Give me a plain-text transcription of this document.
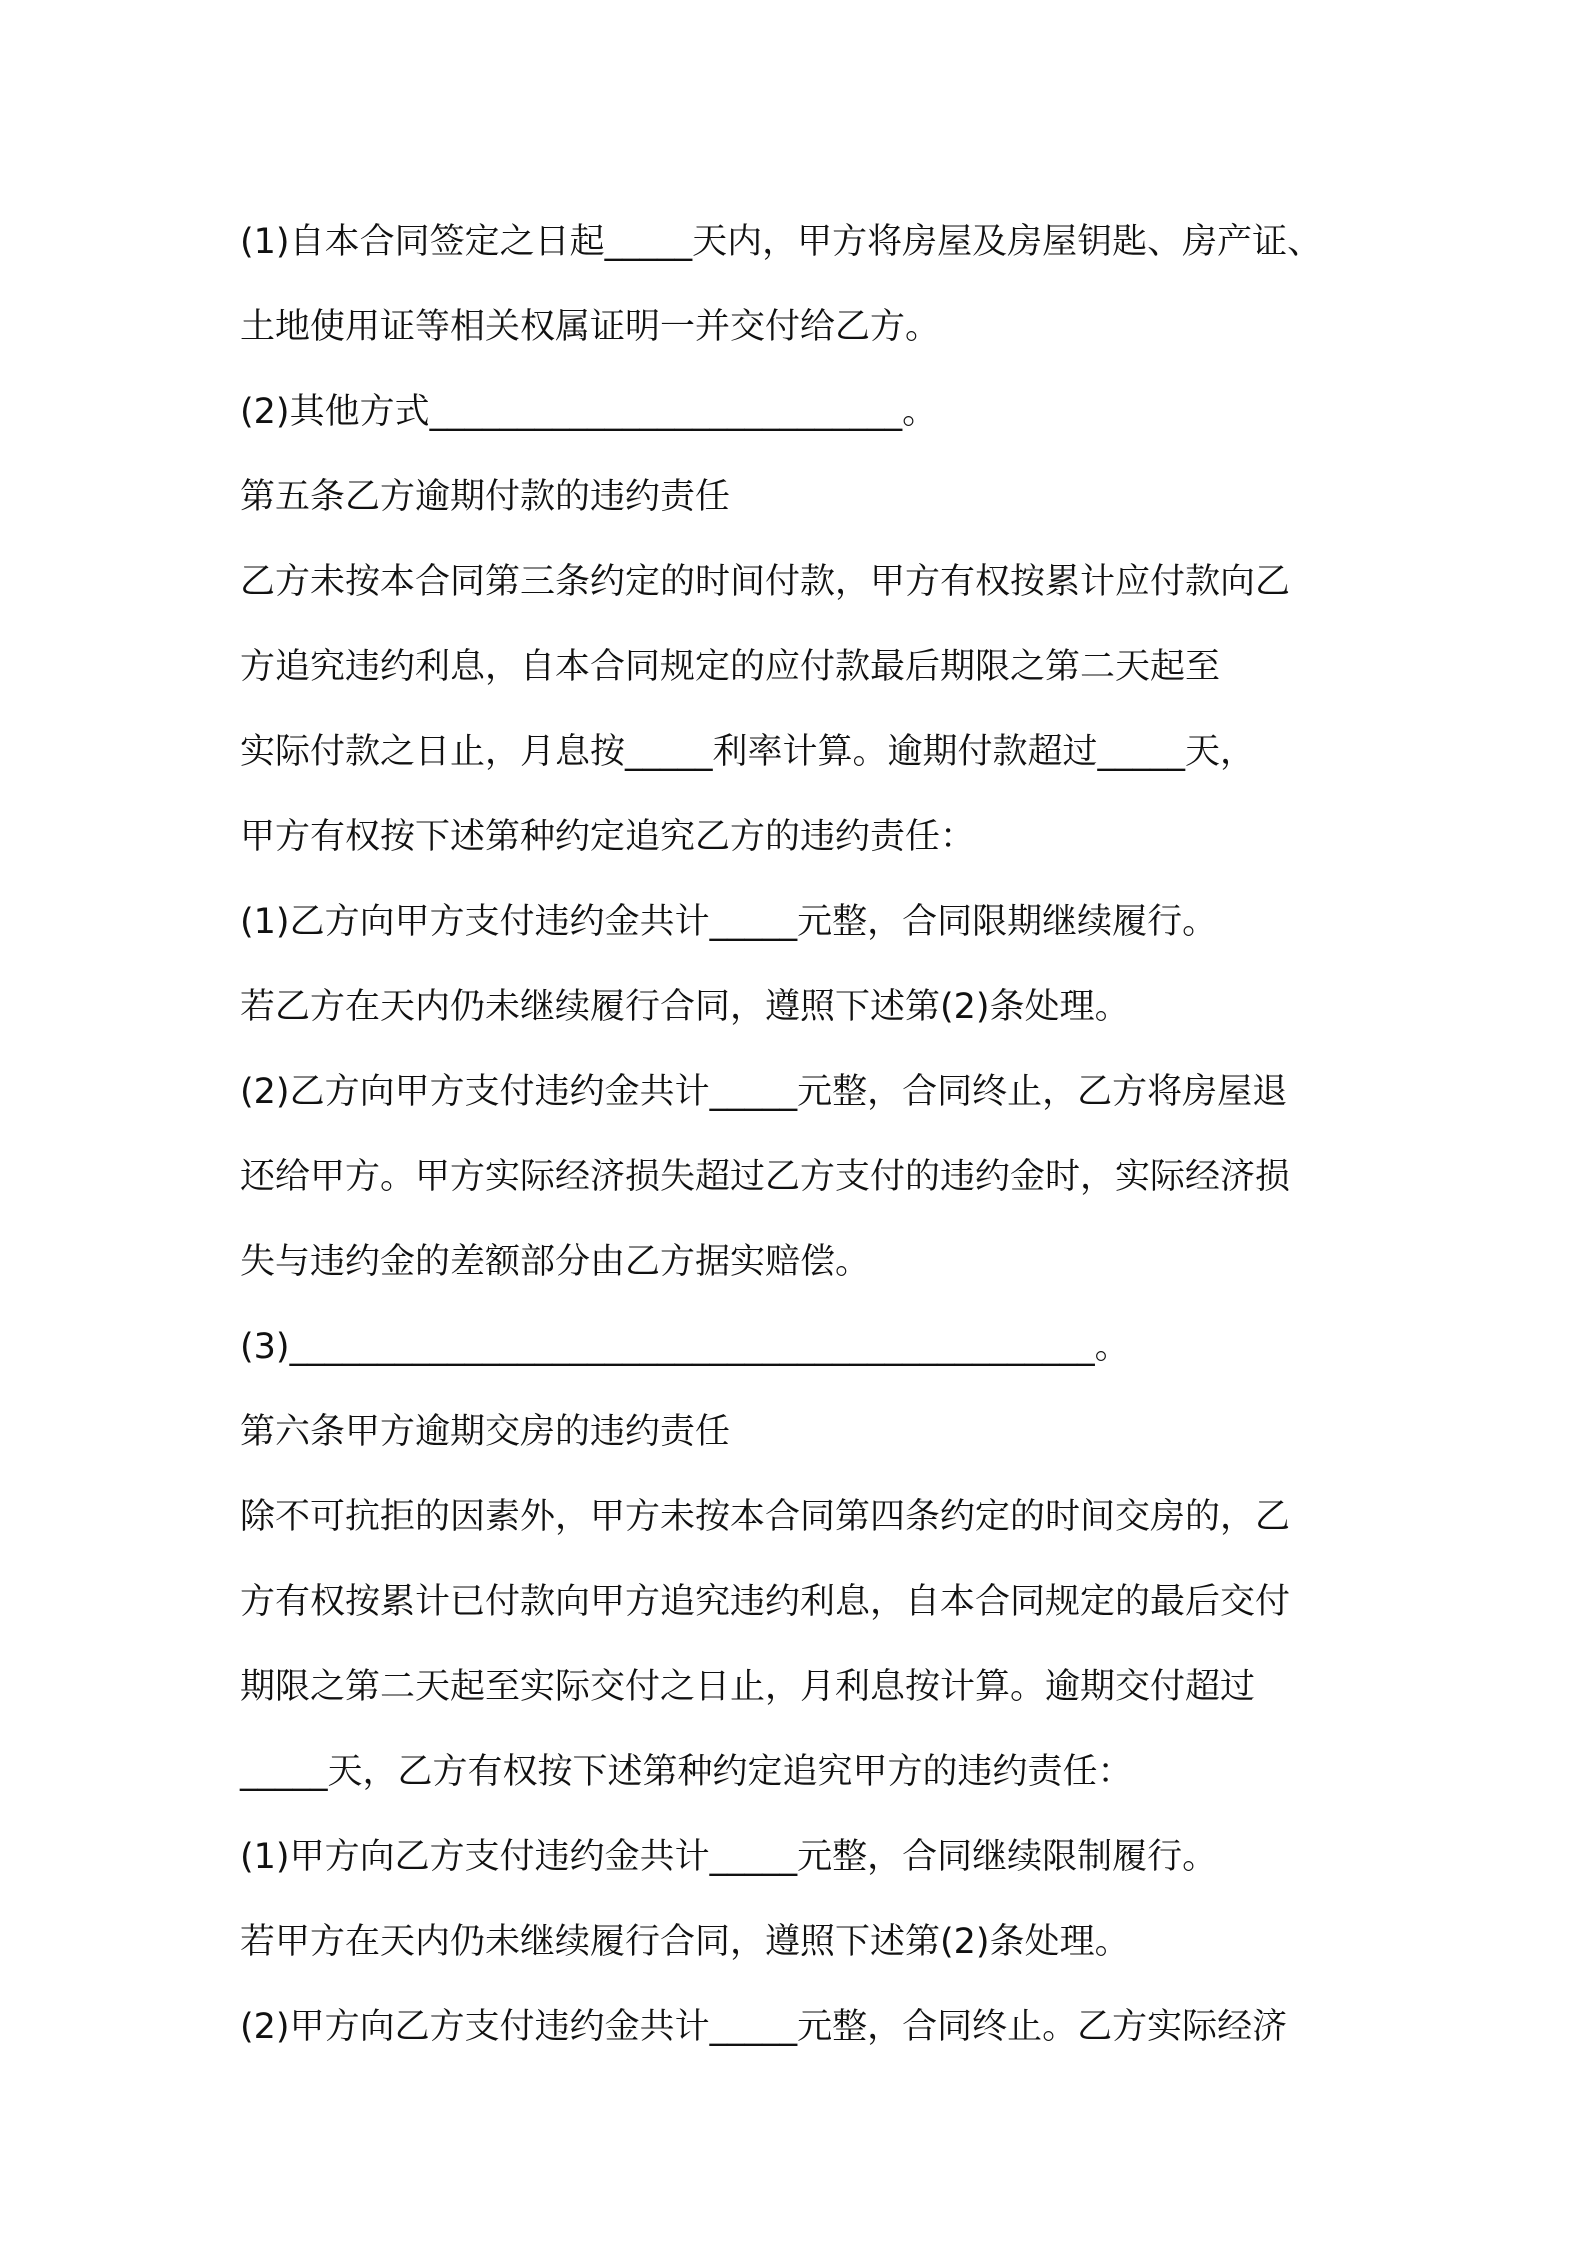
(1)自本合同签定之日起_____天内，甲方将房屋及房屋钥匙、房产证、

土地使用证等相关权属证明一并交付给乙方。

(2)其他方式___________________________。

第五条乙方逾期付款的违约责任

乙方未按本合同第三条约定的时间付款，甲方有权按累计应付款向乙

方追究违约利息，自本合同规定的应付款最后期限之第二天起至

实际付款之日止，月息按_____利率计算。逾期付款超过_____天，

甲方有权按下述第种约定追究乙方的违约责任：

(1)乙方向甲方支付违约金共计_____元整，合同限期继续履行。

若乙方在天内仍未继续履行合同，遵照下述第(2)条处理。

(2)乙方向甲方支付违约金共计_____元整，合同终止，乙方将房屋退

还给甲方。甲方实际经济损失超过乙方支付的违约金时，实际经济损

失与违约金的差额部分由乙方据实赔偿。

(3)______________________________________________。

第六条甲方逾期交房的违约责任

除不可抗拒的因素外，甲方未按本合同第四条约定的时间交房的，乙

方有权按累计已付款向甲方追究违约利息，自本合同规定的最后交付

期限之第二天起至实际交付之日止，月利息按计算。逾期交付超过

_____天，乙方有权按下述第种约定追究甲方的违约责任：

(1)甲方向乙方支付违约金共计_____元整，合同继续限制履行。

若甲方在天内仍未继续履行合同，遵照下述第(2)条处理。

(2)甲方向乙方支付违约金共计_____元整，合同终止。乙方实际经济
